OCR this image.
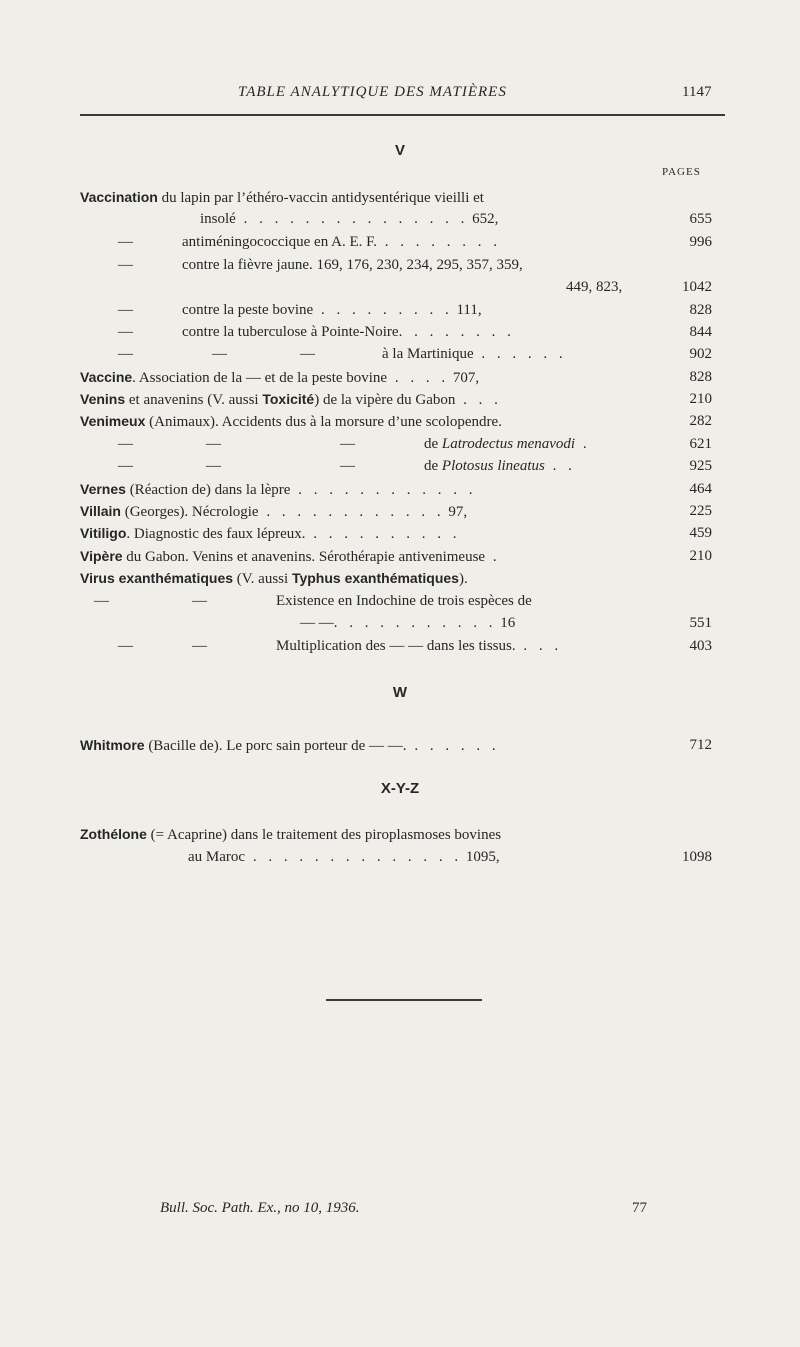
TABLE ANALYTIQUE DES MATIÈRES	1147
V
PAGES
Vaccination du lapin par l’éthéro-vaccin antidysentérique vieilli et
insolé . . . . . . . . . . . . . . . 652,	655
—	antiméningococcique en A. E. F. . . . . . . . .	996
—	contre la fièvre jaune. 169, 176, 230, 234, 295, 357, 359,
449, 823,	1042
—	contre la peste bovine . . . . . . . . . 111,	828
—	contre la tuberculose à Pointe-Noire. . . . . . . .	844
—	—	—	à la Martinique . . . . . .	902
Vaccine. Association de la — et de la peste bovine . . . . 707,	828
Venins et anavenins (V. aussi Toxicité) de la vipère du Gabon . . .	210
Venimeux (Animaux). Accidents dus à la morsure d’une scolopendre.	282
—	—	—	de Latrodectus menavodi .	621
—	—	—	de Plotosus lineatus . .	925
Vernes (Réaction de) dans la lèpre . . . . . . . . . . . .	464
Villain (Georges). Nécrologie . . . . . . . . . . . . 97,	225
Vitiligo. Diagnostic des faux lépreux. . . . . . . . . . .	459
Vipère du Gabon. Venins et anavenins. Sérothérapie antivenimeuse .	210
Virus exanthématiques (V. aussi Typhus exanthématiques).
—	—	Existence en Indochine de trois espèces de
— —. . . . . . . . . . . 16	551
—	—	Multiplication des — — dans les tissus. . . .	403
W
Whitmore (Bacille de). Le porc sain porteur de — —. . . . . . .	712
X-Y-Z
Zothélone (= Acaprine) dans le traitement des piroplasmoses bovines
au Maroc . . . . . . . . . . . . . . 1095,	1098
Bull. Soc. Path. Ex., no 10, 1936.	77
